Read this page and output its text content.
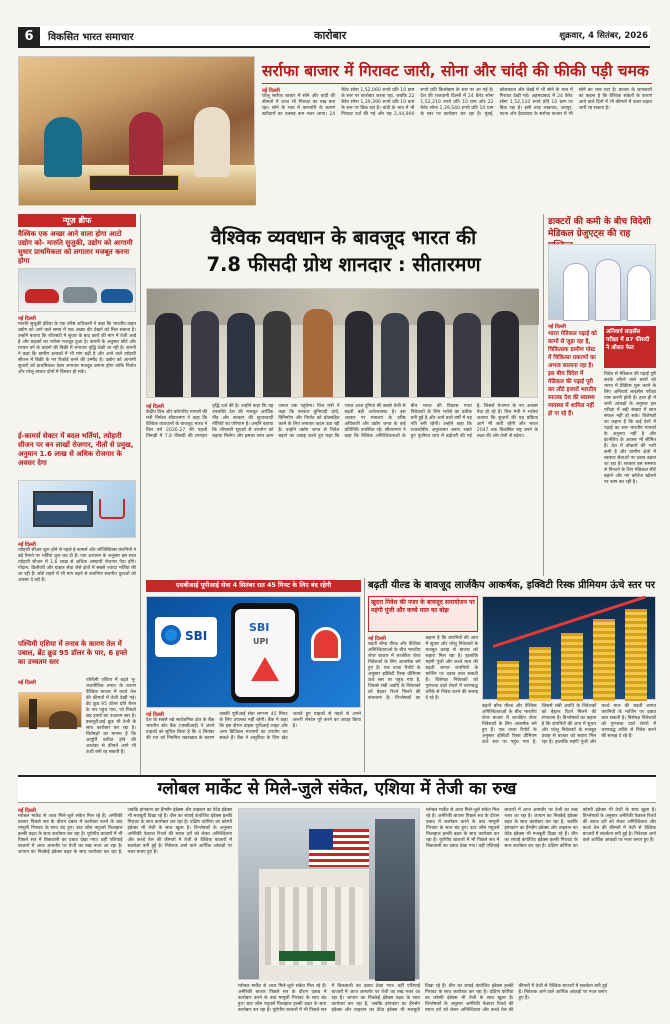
6	विकसित भारत समाचार	कारोबार	शुक्रवार, 4 सितंबर, 2026
सर्राफा बाजार में गिरावट जारी, सोना और चांदी की फीकी पड़ी चमक
नई दिल्ली
घरेलू सर्राफा बाजार में सोने और चांदी की कीमतों में आज भी गिरावट का रुख बना रहा। सोने के भाव में कमजोरी के कारण खरीदारों का उत्साह कम नजर आया। 24 कैरेट सोना 1,52,060 रुपये प्रति 10 ग्राम के स्तर पर कारोबार करता रहा, जबकि 22 कैरेट सोना 1,39,390 रुपये प्रति 10 ग्राम के स्तर पर बिक रहा है। चांदी के भाव में भी गिरावट दर्ज की गई और यह 2,44,900 रुपये प्रति किलोग्राम के स्तर पर आ गई है। देश की राजधानी दिल्ली में 24 कैरेट सोना 1,52,210 रुपये प्रति 10 ग्राम और 22 कैरेट सोना 1,39,540 रुपये प्रति 10 ग्राम के स्तर पर कारोबार कर रहा है। मुंबई, कोलकाता और चेन्नई में भी सोने के भाव में गिरावट देखी गई। अहमदाबाद में 24 कैरेट सोना 1,52,110 रुपये प्रति 10 ग्राम पर बिक रहा है। इसी तरह लखनऊ, जयपुर, पटना और हैदराबाद के सर्राफा बाजार में भी सोने का भाव घटा है। बाजार के जानकारों का कहना है कि वैश्विक संकेतों के कारण आने वाले दिनों में भी कीमतों में उतार-चढ़ाव जारी रह सकता है।
न्यूज़ ब्रीफ
वैश्विक एक अच्छा आने वाला होगा आटो उद्योग को- मारुति सुजुकी, उद्योग को आगामी सुधार प्राथमिकता को लगातार मजबूत करना होगा
नई दिल्ली
मारुति सुजुकी इंडिया के एक वरिष्ठ अधिकारी ने कहा कि भारतीय वाहन उद्योग को आने वाले समय में एक अच्छा दौर देखने को मिल सकता है। उन्होंने बताया कि जीएसटी में सुधार के बाद कारों की मांग में तेजी आई है और ग्राहकों का भरोसा मजबूत हुआ है। कंपनी के अनुसार छोटे और मध्यम वर्ग के वाहनों की बिक्री में लगातार वृद्धि देखी जा रही है। कंपनी ने कहा कि ग्रामीण इलाकों में भी मांग बढ़ी है और आने वाले त्योहारी सीजन में बिक्री के नए रिकॉर्ड बनने की उम्मीद है। उद्योग को आगामी सुधारों को प्राथमिकता देकर लगातार मजबूत बनाना होगा ताकि निर्यात और घरेलू बाजार दोनों में विस्तार हो सके।
ई-कामर्स सेक्टर में बदल भर्तियां, त्योहारी सीजन पर बन लाखों रोजगार, नीतों से प्रमुख, अनुमान 1.6 लाख से अधिक रोजगार के अवसर देगा
नई दिल्ली
त्योहारी सीजन शुरू होने से पहले ई-कामर्स और लॉजिस्टिक्स कंपनियों ने बड़े पैमाने पर भर्तियां शुरू कर दी हैं। एक अध्ययन के अनुसार इस साल त्योहारी सीजन में 1.6 लाख से अधिक अस्थायी रोजगार पैदा होंगे। गोदाम, डिलीवरी और ग्राहक सेवा जैसे क्षेत्रों में सबसे ज्यादा भर्तियां की जा रही हैं। छोटे शहरों में भी मांग बढ़ने से कंपनियां स्थानीय युवाओं को अवसर दे रही हैं।
पश्चिमी एशिया में तनाव के कारण तेल में उबाल, ब्रेंट क्रूड 95 डॉलर के पार, 6 हफ्ते का उच्चतम स्तर
नई दिल्ली	पश्चिमी एशिया में बढ़ते भू-राजनीतिक तनाव के कारण वैश्विक बाजार में कच्चे तेल की कीमतों में तेजी देखी गई। ब्रेंट क्रूड 95 डॉलर प्रति बैरल के पार पहुंच गया, जो पिछले छह हफ्तों का उच्चतम स्तर है। डब्ल्यूटीआई क्रूड भी तेजी के साथ कारोबार कर रहा है। विशेषज्ञों का मानना है कि आपूर्ति बाधित होने की आशंका से कीमतें आगे भी ऊंची बनी रह सकती हैं।
वैश्विक व्यवधान के बावजूद भारत की
7.8 फीसदी ग्रोथ शानदार : सीतारमण
नई दिल्ली
केंद्रीय वित्त और कॉरपोरेट मामलों की मंत्री निर्मला सीतारमण ने कहा कि वैश्विक व्यवधानों के बावजूद भारत ने वित्त वर्ष 2026-27 की पहली तिमाही में 7.8 फीसदी की शानदार वृद्धि दर्ज की है। उन्होंने कहा कि यह उपलब्धि देश की मजबूत आर्थिक नींव और सरकार की सुधारवादी नीतियों का परिणाम है। उन्होंने बताया कि जीएसटी सुधारों से उपभोग को बढ़ावा मिलेगा और इसका लाभ आम जनता तक पहुंचेगा। वित्त मंत्री ने कहा कि सरकार बुनियादी ढांचे, विनिर्माण और निर्यात को प्रोत्साहित करने के लिए लगातार कदम उठा रही है। उन्होंने उद्योग जगत से निवेश बढ़ाने का आग्रह करते हुए कहा कि भारत आज दुनिया की सबसे तेजी से बढ़ती बड़ी अर्थव्यवस्था है। इस अवसर पर मंत्रालय के वरिष्ठ अधिकारी और उद्योग जगत के कई प्रतिनिधि उपस्थित रहे। सीतारमण ने कहा कि वैश्विक अनिश्चितताओं के बीच भारत की विकास गाथा निवेशकों के लिए भरोसे का प्रतीक बनी हुई है और आने वाले वर्षों में यह गति बनी रहेगी। उन्होंने कहा कि राजकोषीय अनुशासन बनाए रखते हुए पूंजीगत व्यय में बढ़ोतरी की गई है, जिससे रोजगार के नए अवसर पैदा हो रहे हैं। वित्त मंत्री ने भरोसा जताया कि सुधारों की यह प्रक्रिया आगे भी जारी रहेगी और भारत 2047 तक विकसित राष्ट्र बनने के लक्ष्य की ओर तेजी से बढ़ेगा।
डाक्टरों की कमी के बीच विदेशी मेडिकल ग्रेजुएट्स की राह
नई दिल्ली
भारत मेडिकल पढ़ाई को कामों से जुड़ा रहा है, चिकित्सक ग्रामीण पोस्ट में चिकित्सा प्रकरणों का अभाव सालाना रहा है। इस बीच विदेश में मेडिकल की पढ़ाई पूरी कर लौटे हजारों भारतीय स्नातक देश की स्वास्थ्य व्यवस्था में शामिल नहीं हो पा रहे हैं।
अनिवार्य लाइसेंस परीक्षा में 87 फीसदी ने औसत फेल
विदेश से मेडिकल की पढ़ाई पूरी करके लौटने वाले छात्रों को भारत में प्रैक्टिस शुरू करने के लिए अनिवार्य लाइसेंस परीक्षा पास करनी होती है। हाल ही में जारी आंकड़ों के अनुसार इस परीक्षा में बड़ी संख्या में छात्र सफल नहीं हो सके। विशेषज्ञों का कहना है कि कई देशों में पढ़ाई का स्तर भारतीय मानकों के अनुरूप नहीं है और इंटर्नशिप के अवसर भी सीमित हैं। देश में डॉक्टरों की भारी कमी है और ग्रामीण क्षेत्रों में स्वास्थ्य सेवाओं पर दबाव बढ़ता जा रहा है। सरकार इस समस्या से निपटने के लिए मेडिकल सीटें बढ़ाने और नए कॉलेज खोलने पर काम कर रही है।
एसबीआई यूपीआई सेवा 4 सितंबर रात 45 मिनट के लिए बंद रहेगी
SBI
SBI
UPI
नई दिल्ली
देश के सबसे बड़े सार्वजनिक क्षेत्र के बैंक भारतीय स्टेट बैंक (एसबीआई) ने अपने ग्राहकों को सूचित किया है कि 4 सितंबर की रात को नियमित रखरखाव के कारण उसकी यूपीआई सेवा लगभग 45 मिनट के लिए उपलब्ध नहीं रहेगी। बैंक ने कहा कि इस दौरान ग्राहक यूपीआई लाइट और अन्य डिजिटल माध्यमों का उपयोग कर सकते हैं। बैंक ने असुविधा के लिए खेद जताते हुए ग्राहकों से पहले से अपने जरूरी लेनदेन पूरे करने का आग्रह किया है।
बढ़ती यील्ड के बावजूद लार्जकैप आकर्षक, इक्विटी रिस्क प्रीमियम ऊंचे स्तर पर
खुदरा निवेश की नजर के बावजूद समायोजन पर महंगी पूंजी और कच्चे माल का बोझ
नई दिल्ली
बढ़ती बॉन्ड यील्ड और वैश्विक अनिश्चितताओं के बीच भारतीय शेयर बाजार में लार्जकैप शेयर निवेशकों के लिए आकर्षक बने हुए हैं। एक ताजा रिपोर्ट के अनुसार इक्विटी रिस्क प्रीमियम ऊंचे स्तर पर पहुंच गया है, जिससे लंबी अवधि के निवेशकों को बेहतर रिटर्न मिलने की संभावना है। विश्लेषकों का कहना है कि कंपनियों की आय में सुधार और घरेलू निवेशकों के मजबूत प्रवाह से बाजार को सहारा मिल रहा है। हालांकि महंगी पूंजी और कच्चे माल की बढ़ती लागत कंपनियों के मार्जिन पर दबाव डाल सकती है। विशेषज्ञ निवेशकों को गुणवत्ता वाले शेयरों में चरणबद्ध तरीके से निवेश करने की सलाह दे रहे हैं।
बढ़ती बॉन्ड यील्ड और वैश्विक अनिश्चितताओं के बीच भारतीय शेयर बाजार में लार्जकैप शेयर निवेशकों के लिए आकर्षक बने हुए हैं। एक ताजा रिपोर्ट के अनुसार इक्विटी रिस्क प्रीमियम ऊंचे स्तर पर पहुंच गया है, जिससे लंबी अवधि के निवेशकों को बेहतर रिटर्न मिलने की संभावना है। विश्लेषकों का कहना है कि कंपनियों की आय में सुधार और घरेलू निवेशकों के मजबूत प्रवाह से बाजार को सहारा मिल रहा है। हालांकि महंगी पूंजी और कच्चे माल की बढ़ती लागत कंपनियों के मार्जिन पर दबाव डाल सकती है। विशेषज्ञ निवेशकों को गुणवत्ता वाले शेयरों में चरणबद्ध तरीके से निवेश करने की सलाह दे रहे हैं।
ग्लोबल मार्केट से मिले-जुले संकेत, एशिया में तेजी का रुख
नई दिल्ली
ग्लोबल मार्केट से आज मिले-जुले संकेत मिल रहे हैं। अमेरिकी बाजार पिछले सत्र के दौरान दबाव में कारोबार करने के बाद मामूली गिरावट के साथ बंद हुए। डाउ जोंस फ्यूचर्स फिलहाल हल्की बढ़त के साथ कारोबार कर रहा है। यूरोपीय बाजारों में भी पिछले सत्र में बिकवाली का दबाव देखा गया। वहीं एशियाई बाजारों में आज आमतौर पर तेजी का रुख नजर आ रहा है। जापान का निक्केई इंडेक्स बढ़त के साथ कारोबार कर रहा है, जबकि हांगकांग का हैंगसेंग इंडेक्स और ताइवान का वेटेड इंडेक्स भी मजबूती दिखा रहे हैं। चीन का शंघाई कंपोजिट इंडेक्स हल्की गिरावट के साथ कारोबार कर रहा है। दक्षिण कोरिया का कोस्पी इंडेक्स भी तेजी के साथ खुला है। विश्लेषकों के अनुसार अमेरिकी फेडरल रिजर्व की ब्याज दरों को लेकर अनिश्चितता और कच्चे तेल की कीमतों में तेजी से वैश्विक बाजारों में सतर्कता बनी हुई है। निवेशक आने वाले आर्थिक आंकड़ों पर नजर बनाए हुए हैं।
ग्लोबल मार्केट से आज मिले-जुले संकेत मिल रहे हैं। अमेरिकी बाजार पिछले सत्र के दौरान दबाव में कारोबार करने के बाद मामूली गिरावट के साथ बंद हुए। डाउ जोंस फ्यूचर्स फिलहाल हल्की बढ़त के साथ कारोबार कर रहा है। यूरोपीय बाजारों में भी पिछले सत्र में बिकवाली का दबाव देखा गया। वहीं एशियाई बाजारों में आज आमतौर पर तेजी का रुख नजर आ रहा है। जापान का निक्केई इंडेक्स बढ़त के साथ कारोबार कर रहा है, जबकि हांगकांग का हैंगसेंग इंडेक्स और ताइवान का वेटेड इंडेक्स भी मजबूती दिखा रहे हैं। चीन का शंघाई कंपोजिट इंडेक्स हल्की गिरावट के साथ कारोबार कर रहा है। दक्षिण कोरिया का कोस्पी इंडेक्स भी तेजी के साथ खुला है। विश्लेषकों के अनुसार अमेरिकी फेडरल रिजर्व की ब्याज दरों को लेकर अनिश्चितता और कच्चे तेल की कीमतों में तेजी से वैश्विक बाजारों में सतर्कता बनी हुई है। निवेशक आने वाले आर्थिक आंकड़ों पर नजर बनाए हुए हैं।
ग्लोबल मार्केट से आज मिले-जुले संकेत मिल रहे हैं। अमेरिकी बाजार पिछले सत्र के दौरान दबाव में कारोबार करने के बाद मामूली गिरावट के साथ बंद हुए। डाउ जोंस फ्यूचर्स फिलहाल हल्की बढ़त के साथ कारोबार कर रहा है। यूरोपीय बाजारों में भी पिछले सत्र में बिकवाली का दबाव देखा गया। वहीं एशियाई बाजारों में आज आमतौर पर तेजी का रुख नजर आ रहा है। जापान का निक्केई इंडेक्स बढ़त के साथ कारोबार कर रहा है, जबकि हांगकांग का हैंगसेंग इंडेक्स और ताइवान का वेटेड इंडेक्स भी मजबूती दिखा रहे हैं। चीन का शंघाई कंपोजिट इंडेक्स हल्की गिरावट के साथ कारोबार कर रहा है। दक्षिण कोरिया का कोस्पी इंडेक्स भी तेजी के साथ खुला है। विश्लेषकों के अनुसार अमेरिकी फेडरल रिजर्व की ब्याज दरों को लेकर अनिश्चितता और कच्चे तेल की कीमतों में तेजी से वैश्विक बाजारों में सतर्कता बनी हुई है। निवेशक आने वाले आर्थिक आंकड़ों पर नजर बनाए हुए हैं।
